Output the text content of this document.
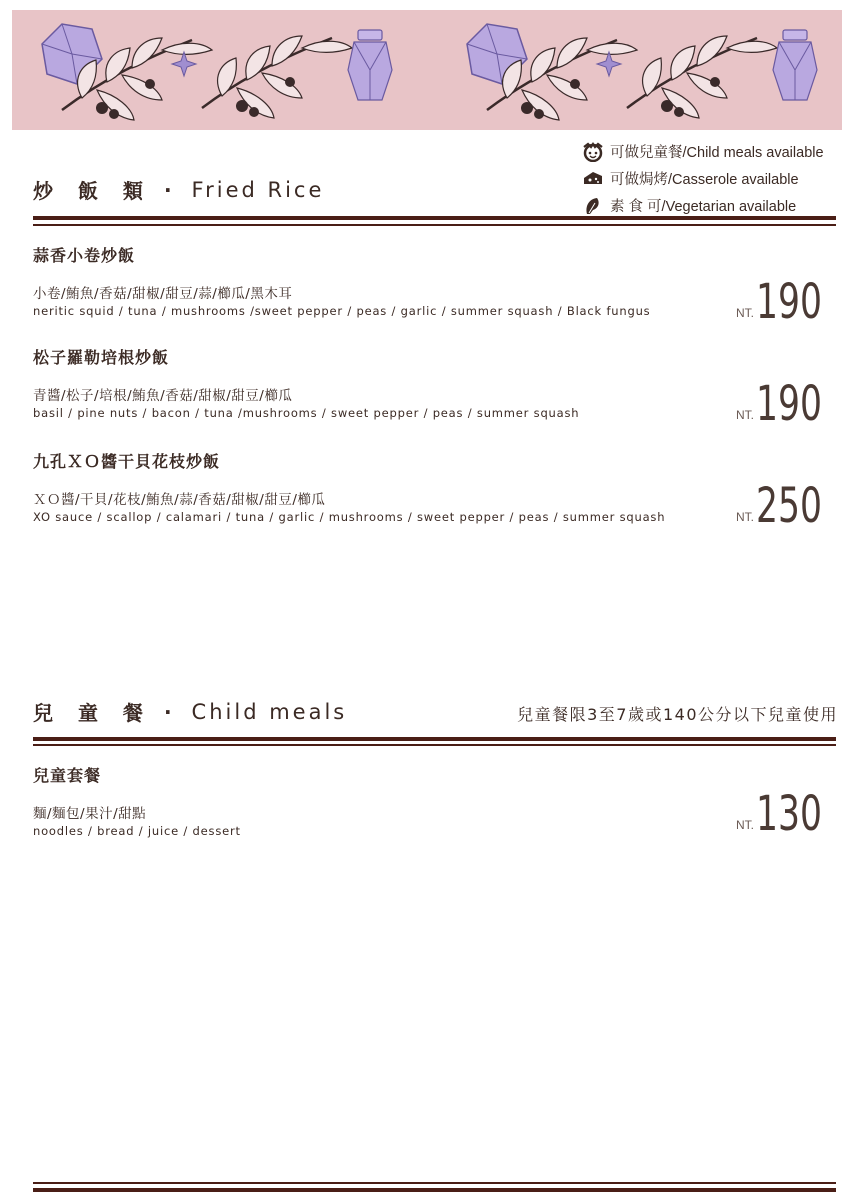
可做兒童餐/Child meals available
可做焗烤/Casserole available
素 食 可/Vegetarian available
炒 飯 類 · Fried Rice
蒜香小卷炒飯
小卷/鮪魚/香菇/甜椒/甜豆/蒜/櫛瓜/黑木耳
neritic squid / tuna / mushrooms /sweet pepper / peas / garlic / summer squash / Black fungus	NT. 190
松子羅勒培根炒飯
青醬/松子/培根/鮪魚/香菇/甜椒/甜豆/櫛瓜
basil / pine nuts / bacon / tuna /mushrooms / sweet pepper / peas / summer squash	NT. 190
九孔ＸＯ醬干貝花枝炒飯
ＸＯ醬/干貝/花枝/鮪魚/蒜/香菇/甜椒/甜豆/櫛瓜
XO sauce / scallop / calamari / tuna / garlic / mushrooms / sweet pepper / peas / summer squash	NT. 250
兒 童 餐 · Child meals	兒童餐限3至7歲或140公分以下兒童使用
兒童套餐
麵/麵包/果汁/甜點
noodles / bread / juice / dessert	NT. 130
